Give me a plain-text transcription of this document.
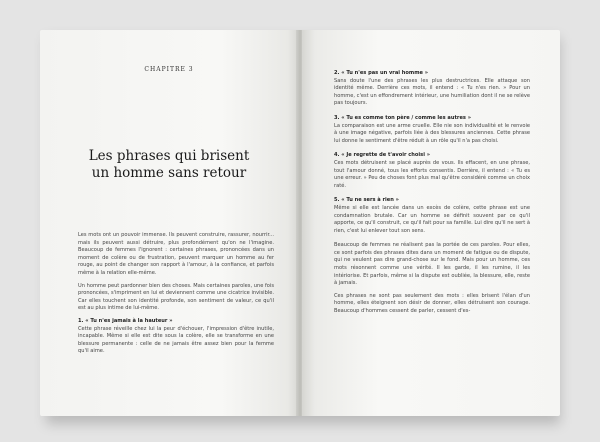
CHAPITRE 3
Les phrases qui brisent
un homme sans retour

Les mots ont un pouvoir immense. Ils peuvent construire, rassurer, nourrir... mais ils peuvent aussi détruire, plus profondément qu'on ne l'imagine. Beaucoup de femmes l'ignorent : certaines phrases, prononcées dans un moment de colère ou de frustration, peuvent marquer un homme au fer rouge, au point de changer son rapport à l'amour, à la confiance, et parfois même à la relation elle-même.

Un homme peut pardonner bien des choses. Mais certaines paroles, une fois prononcées, s'impriment en lui et deviennent comme une cicatrice invisible. Car elles touchent son identité profonde, son sentiment de valeur, ce qu'il est au plus intime de lui-même.

1. « Tu n'es jamais à la hauteur »

Cette phrase réveille chez lui la peur d'échouer, l'impression d'être inutile, incapable. Même si elle est dite sous la colère, elle se transforme en une blessure permanente : celle de ne jamais être assez bien pour la femme qu'il aime.

2. « Tu n'es pas un vrai homme »

Sans doute l'une des phrases les plus destructrices. Elle attaque son identité même. Derrière ces mots, il entend : « Tu n'es rien. » Pour un homme, c'est un effondrement intérieur, une humiliation dont il ne se relève pas toujours.

3. « Tu es comme ton père / comme les autres »

La comparaison est une arme cruelle. Elle nie son individualité et le renvoie à une image négative, parfois liée à des blessures anciennes. Cette phrase lui donne le sentiment d'être réduit à un rôle qu'il n'a pas choisi.

4. « Je regrette de t'avoir choisi »

Ces mots détruisent se placé auprès de vous. Ils effacent, en une phrase, tout l'amour donné, tous les efforts consentis. Derrière, il entend : « Tu es une erreur. » Peu de choses font plus mal qu'être considéré comme un choix raté.

5. « Tu ne sers à rien »

Même si elle est lancée dans un excès de colère, cette phrase est une condamnation brutale. Car un homme se définit souvent par ce qu'il apporte, ce qu'il construit, ce qu'il fait pour sa famille. Lui dire qu'il ne sert à rien, c'est lui enlever tout son sens.

Beaucoup de femmes ne réalisent pas la portée de ces paroles. Pour elles, ce sont parfois des phrases dites dans un moment de fatigue ou de dispute, qui ne veulent pas dire grand-chose sur le fond. Mais pour un homme, ces mots résonnent comme une vérité. Il les garde, il les rumine, il les intériorise. Et parfois, même si la dispute est oubliée, la blessure, elle, reste à jamais.

Ces phrases ne sont pas seulement des mots : elles brisent l'élan d'un homme, elles éteignent son désir de donner, elles détruisent son courage. Beaucoup d'hommes cessent de parler, cessent d'es-
